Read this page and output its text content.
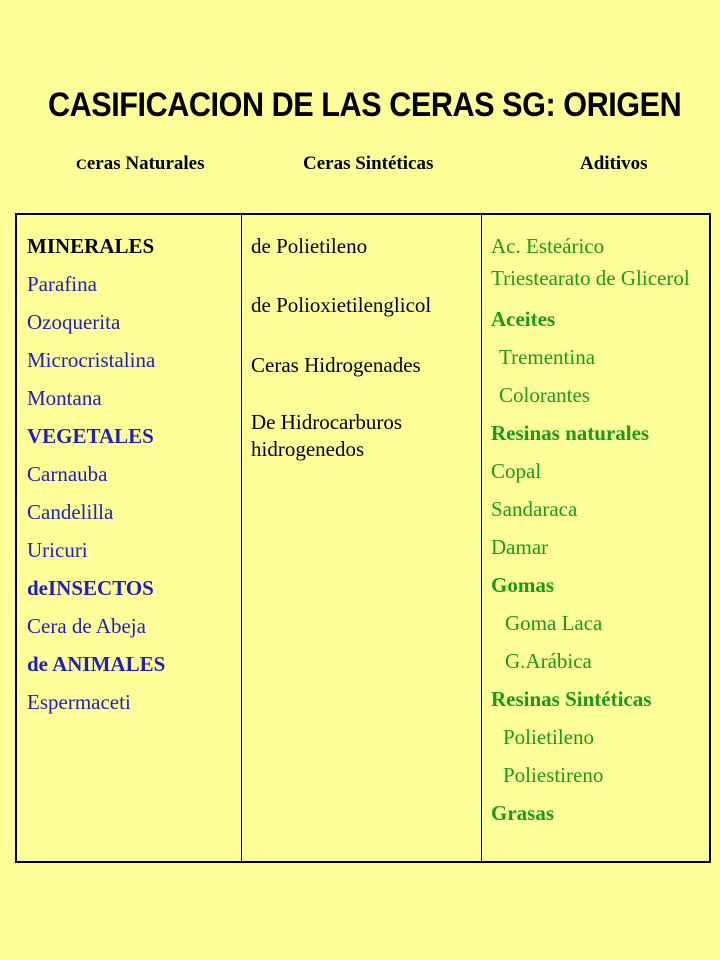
CASIFICACION DE LAS CERAS SG: ORIGEN
Ceras Naturales	Ceras Sintéticas	Aditivos
MINERALES
Parafina
Ozoquerita
Microcristalina
Montana
VEGETALES
Carnauba
Candelilla
Uricuri
deINSECTOS
Cera de Abeja
de ANIMALES
Espermaceti
de Polietileno
de Polioxietilenglicol
Ceras Hidrogenades
De Hidrocarburos hidrogenedos
Ac. Esteárico
Triestearato de Glicerol
Aceites
Trementina
Colorantes
Resinas naturales
Copal
Sandaraca
Damar
Gomas
Goma Laca
G.Arábica
Resinas Sintéticas
Polietileno
Poliestireno
Grasas
